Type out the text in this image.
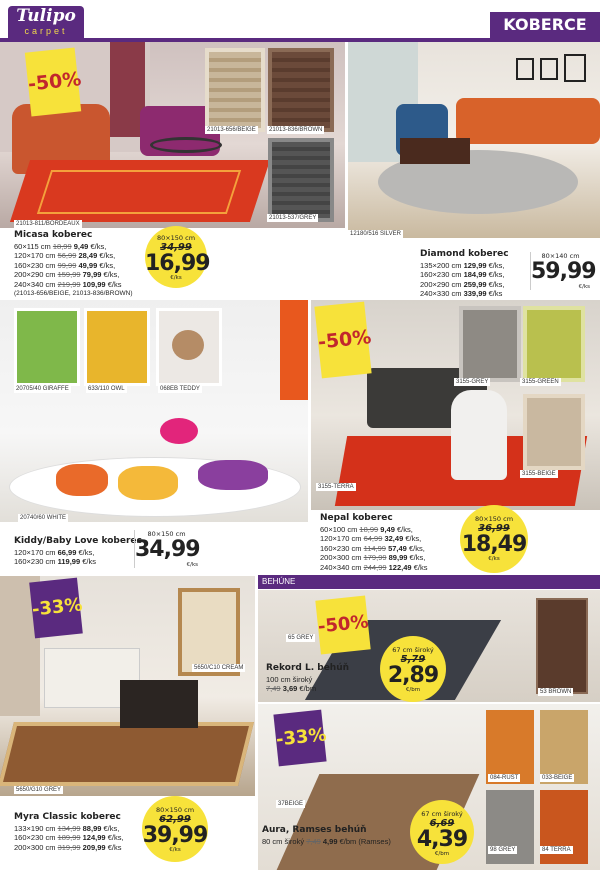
Tulipo
carpet	KOBERCE
-50%
21013-811/BORDEAUX
21013-656/BEIGE	21013-836/BROWN
21013-537/GREY
Micasa koberec
60×115 cm 18,99 9,49 €/ks,
120×170 cm 56,99 28,49 €/ks,
160×230 cm 99,99 49,99 €/ks,
200×290 cm 159,99 79,99 €/ks,
240×340 cm 219,99 109,99 €/ks
(21013-656/BEIGE, 21013-836/BROWN)
80×150 cm
34,99
16,99
€/ks
12180/516 SILVER
Diamond koberec
135×200 cm 129,99 €/ks,
160×230 cm 184,99 €/ks,
200×290 cm 259,99 €/ks,
240×330 cm 339,99 €/ks
80×140 cm
59,99
€/ks
20705/40 GIRAFFE	633/110 OWL	068EB TEDDY
20740/60 WHITE
Kiddy/Baby Love koberec
120×170 cm 66,99 €/ks,
160×230 cm 119,99 €/ks
80×150 cm
34,99
€/ks
-50%
3155-GREY	3155-GREEN
3155-BEIGE
3155-TERRA
Nepal koberec
60×100 cm 18,99 9,49 €/ks,
120×170 cm 64,99 32,49 €/ks,
160×230 cm 114,99 57,49 €/ks,
200×300 cm 179,99 89,99 €/ks,
240×340 cm 244,99 122,49 €/ks
80×150 cm
36,99
18,49
€/ks
-33%
5650/C10 CREAM
5650/G10 GREY
Myra Classic koberec
133×190 cm 134,99 88,99 €/ks,
160×230 cm 189,99 124,99 €/ks,
200×300 cm 319,99 209,99 €/ks
80×150 cm
62,99
39,99
€/ks
BEHÚNE
-50%
65 GREY
53 BROWN
Rekord L. behúň
100 cm široký
7,49 3,69 €/bm
67 cm široký
5,79
2,89
€/bm
-33%
37BEIGE
084-RUST	033-BEIGE
98 GREY	84 TERRA
Aura, Ramses behúň
80 cm široký 7,49 4,99 €/bm (Ramses)
67 cm široký
6,69
4,39
€/bm
